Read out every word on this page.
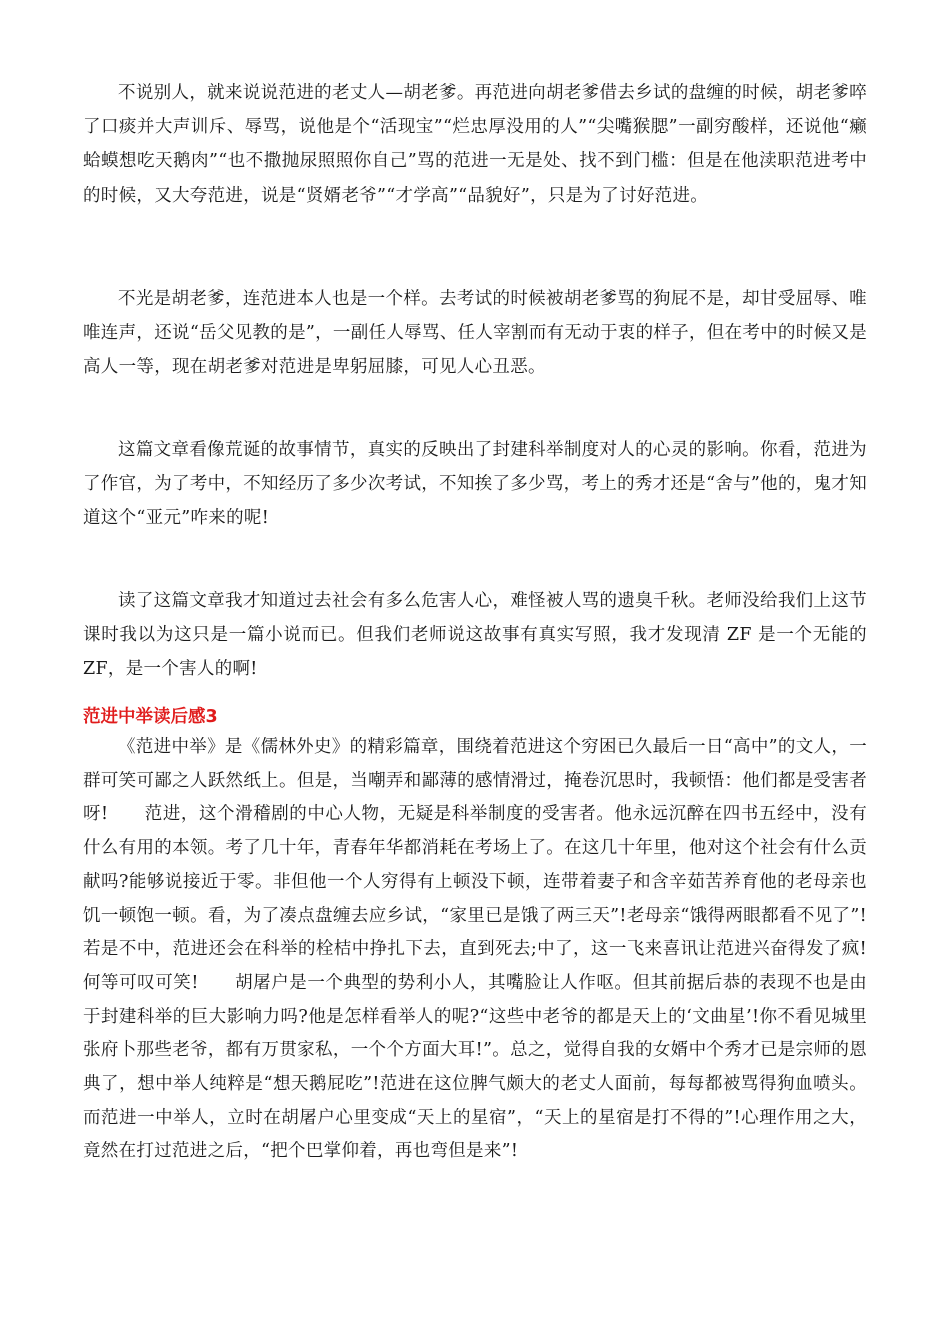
不说别人，就来说说范进的老丈人—胡老爹。再范进向胡老爹借去乡试的盘缠的时候，胡老爹啐了口痰并大声训斥、辱骂，说他是个“活现宝”“烂忠厚没用的人”“尖嘴猴腮”一副穷酸样，还说他“癞蛤蟆想吃天鹅肉”“也不撒抛尿照照你自己”骂的范进一无是处、找不到门槛：但是在他渎职范进考中的时候，又大夸范进，说是“贤婿老爷”“才学高”“品貌好”，只是为了讨好范进。

不光是胡老爹，连范进本人也是一个样。去考试的时候被胡老爹骂的狗屁不是，却甘受屈辱、唯唯连声，还说“岳父见教的是”，一副任人辱骂、任人宰割而有无动于衷的样子，但在考中的时候又是高人一等，现在胡老爹对范进是卑躬屈膝，可见人心丑恶。

这篇文章看像荒诞的故事情节，真实的反映出了封建科举制度对人的心灵的影响。你看，范进为了作官，为了考中，不知经历了多少次考试，不知挨了多少骂，考上的秀才还是“舍与”他的，鬼才知道这个“亚元”咋来的呢!

读了这篇文章我才知道过去社会有多么危害人心，难怪被人骂的遗臭千秋。老师没给我们上这节课时我以为这只是一篇小说而已。但我们老师说这故事有真实写照，我才发现清 ZF 是一个无能的 ZF，是一个害人的啊!

范进中举读后感3

《范进中举》是《儒林外史》的精彩篇章，围绕着范进这个穷困已久最后一日“高中”的文人，一群可笑可鄙之人跃然纸上。但是，当嘲弄和鄙薄的感情滑过，掩卷沉思时，我顿悟：他们都是受害者呀!　　范进，这个滑稽剧的中心人物，无疑是科举制度的受害者。他永远沉醉在四书五经中，没有什么有用的本领。考了几十年，青春年华都消耗在考场上了。在这几十年里，他对这个社会有什么贡献吗?能够说接近于零。非但他一个人穷得有上顿没下顿，连带着妻子和含辛茹苦养育他的老母亲也饥一顿饱一顿。看，为了凑点盘缠去应乡试，“家里已是饿了两三天”!老母亲“饿得两眼都看不见了”!若是不中，范进还会在科举的栓桔中挣扎下去，直到死去;中了，这一飞来喜讯让范进兴奋得发了疯!何等可叹可笑!　　胡屠户是一个典型的势利小人，其嘴脸让人作呕。但其前据后恭的表现不也是由于封建科举的巨大影响力吗?他是怎样看举人的呢?“这些中老爷的都是天上的‘文曲星’!你不看见城里张府卜那些老爷，都有万贯家私，一个个方面大耳!”。总之，觉得自我的女婿中个秀才已是宗师的恩典了，想中举人纯粹是“想天鹅屁吃”!范进在这位脾气颇大的老丈人面前，每每都被骂得狗血喷头。而范进一中举人，立时在胡屠户心里变成“天上的星宿”，“天上的星宿是打不得的”!心理作用之大，竟然在打过范进之后，“把个巴掌仰着，再也弯但是来”!
